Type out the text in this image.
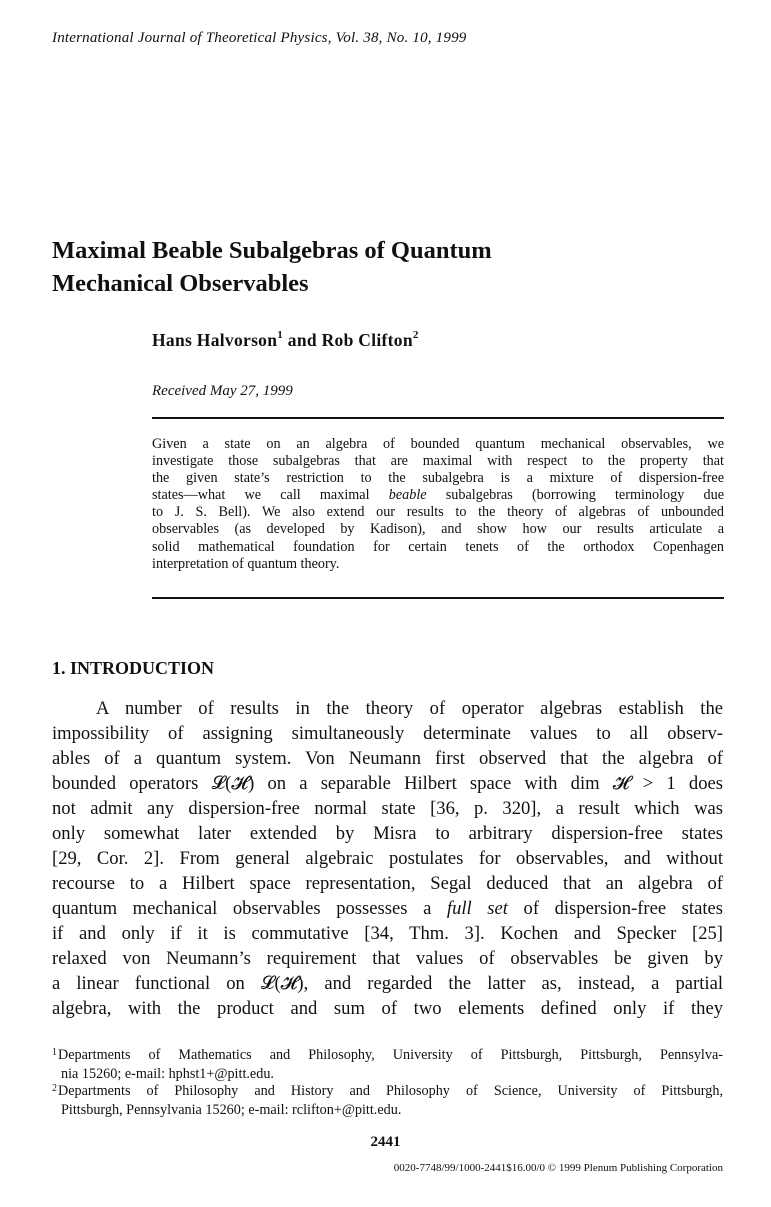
International Journal of Theoretical Physics, Vol. 38, No. 10, 1999
Maximal Beable Subalgebras of Quantum
Mechanical Observables
Hans Halvorson$^1$ and Rob Clifton$^2$
Received May 27, 1999
Given a state on an algebra of bounded quantum mechanical observables, we
investigate those subalgebras that are maximal with respect to the property that
the given state’s restriction to the subalgebra is a mixture of dispersion-free
states—what we call maximal beable subalgebras (borrowing terminology due
to J. S. Bell). We also extend our results to the theory of algebras of unbounded
observables (as developed by Kadison), and show how our results articulate a
solid mathematical foundation for certain tenets of the orthodox Copenhagen
interpretation of quantum theory.
1. INTRODUCTION
A number of results in the theory of operator algebras establish the
impossibility of assigning simultaneously determinate values to all observ-
ables of a quantum system. Von Neumann first observed that the algebra of
bounded operators 𝓛(𝓗) on a separable Hilbert space with dim 𝓗 > 1 does
not admit any dispersion-free normal state [36, p. 320], a result which was
only somewhat later extended by Misra to arbitrary dispersion-free states
[29, Cor. 2]. From general algebraic postulates for observables, and without
recourse to a Hilbert space representation, Segal deduced that an algebra of
quantum mechanical observables possesses a full set of dispersion-free states
if and only if it is commutative [34, Thm. 3]. Kochen and Specker [25]
relaxed von Neumann’s requirement that values of observables be given by
a linear functional on 𝓛(𝓗), and regarded the latter as, instead, a partial
algebra, with the product and sum of two elements defined only if they
$^1$Departments of Mathematics and Philosophy, University of Pittsburgh, Pittsburgh, Pennsylva-
nia 15260; e-mail: hphst1+@pitt.edu.
$^2$Departments of Philosophy and History and Philosophy of Science, University of Pittsburgh,
Pittsburgh, Pennsylvania 15260; e-mail: rclifton+@pitt.edu.
2441
0020-7748/99/1000-2441$16.00/0 © 1999 Plenum Publishing Corporation
